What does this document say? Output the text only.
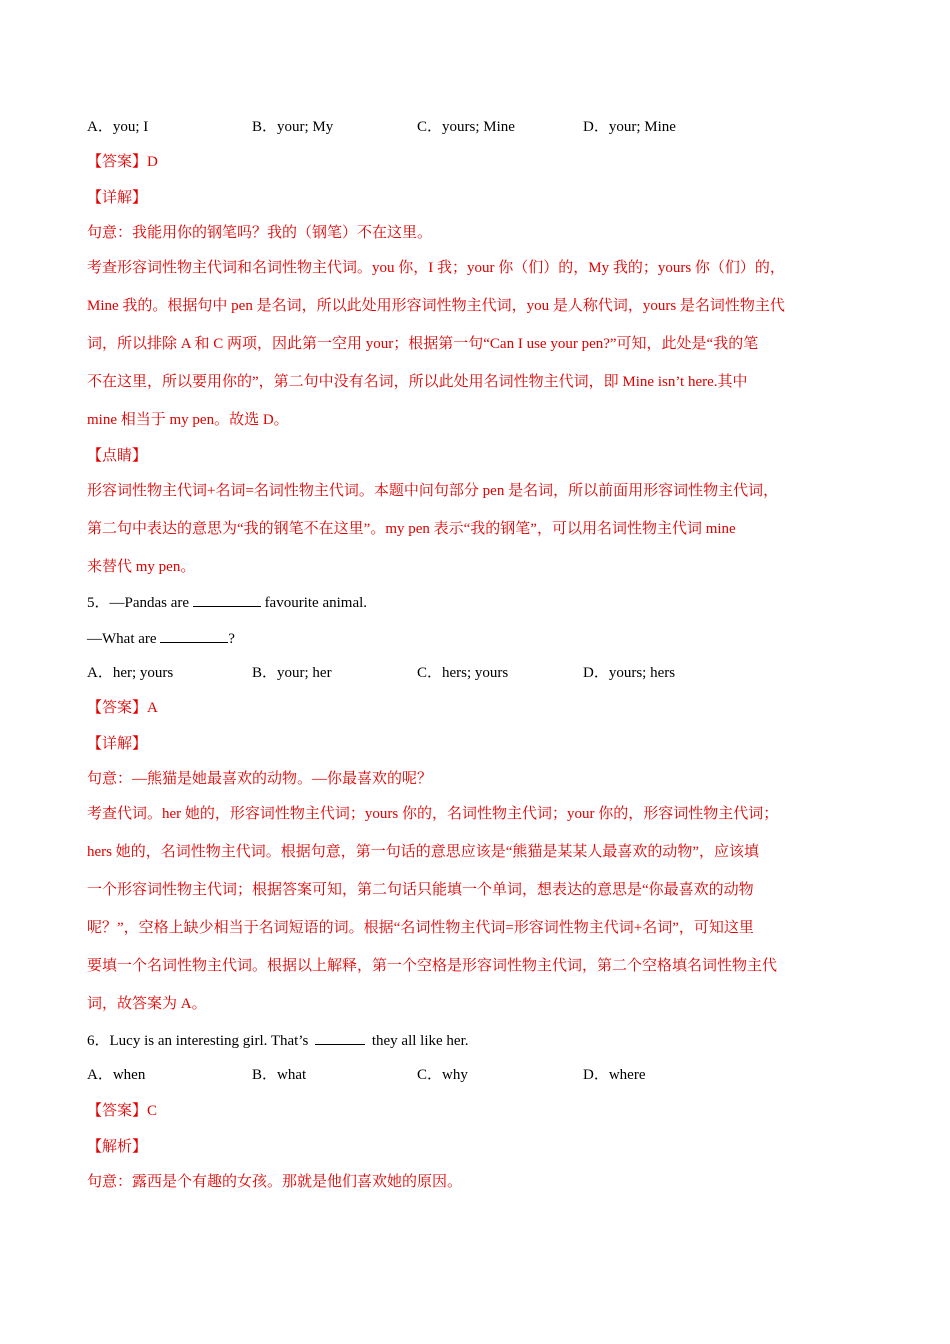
A．you; I	B．your; My	C．yours; Mine	D．your; Mine
【答案】D
【详解】
句意：我能用你的钢笔吗？我的（钢笔）不在这里。
考查形容词性物主代词和名词性物主代词。you 你，I 我；your 你（们）的，My 我的；yours 你（们）的，
Mine 我的。根据句中 pen 是名词，所以此处用形容词性物主代词，you 是人称代词，yours 是名词性物主代
词，所以排除 A 和 C 两项，因此第一空用 your；根据第一句“Can I use your pen?”可知，此处是“我的笔
不在这里，所以要用你的”，第二句中没有名词，所以此处用名词性物主代词，即 Mine isn’t here.其中
mine 相当于 my pen。故选 D。
【点睛】
形容词性物主代词+名词=名词性物主代词。本题中问句部分 pen 是名词，所以前面用形容词性物主代词，
第二句中表达的意思为“我的钢笔不在这里”。my pen 表示“我的钢笔”，可以用名词性物主代词 mine
来替代 my pen。
5．—Pandas are	favourite animal.
—What are	?
A．her; yours	B．your; her	C．hers; yours	D．yours; hers
【答案】A
【详解】
句意：—熊猫是她最喜欢的动物。—你最喜欢的呢？
考查代词。her 她的，形容词性物主代词；yours 你的，名词性物主代词；your 你的，形容词性物主代词；
hers 她的，名词性物主代词。根据句意，第一句话的意思应该是“熊猫是某某人最喜欢的动物”，应该填
一个形容词性物主代词；根据答案可知，第二句话只能填一个单词，想表达的意思是“你最喜欢的动物
呢？”，空格上缺少相当于名词短语的词。根据“名词性物主代词=形容词性物主代词+名词”，可知这里
要填一个名词性物主代词。根据以上解释，第一个空格是形容词性物主代词，第二个空格填名词性物主代
词，故答案为 A。
6．Lucy is an interesting girl. That’s	they all like her.
A．when	B．what	C．why	D．where
【答案】C
【解析】
句意：露西是个有趣的女孩。那就是他们喜欢她的原因。
